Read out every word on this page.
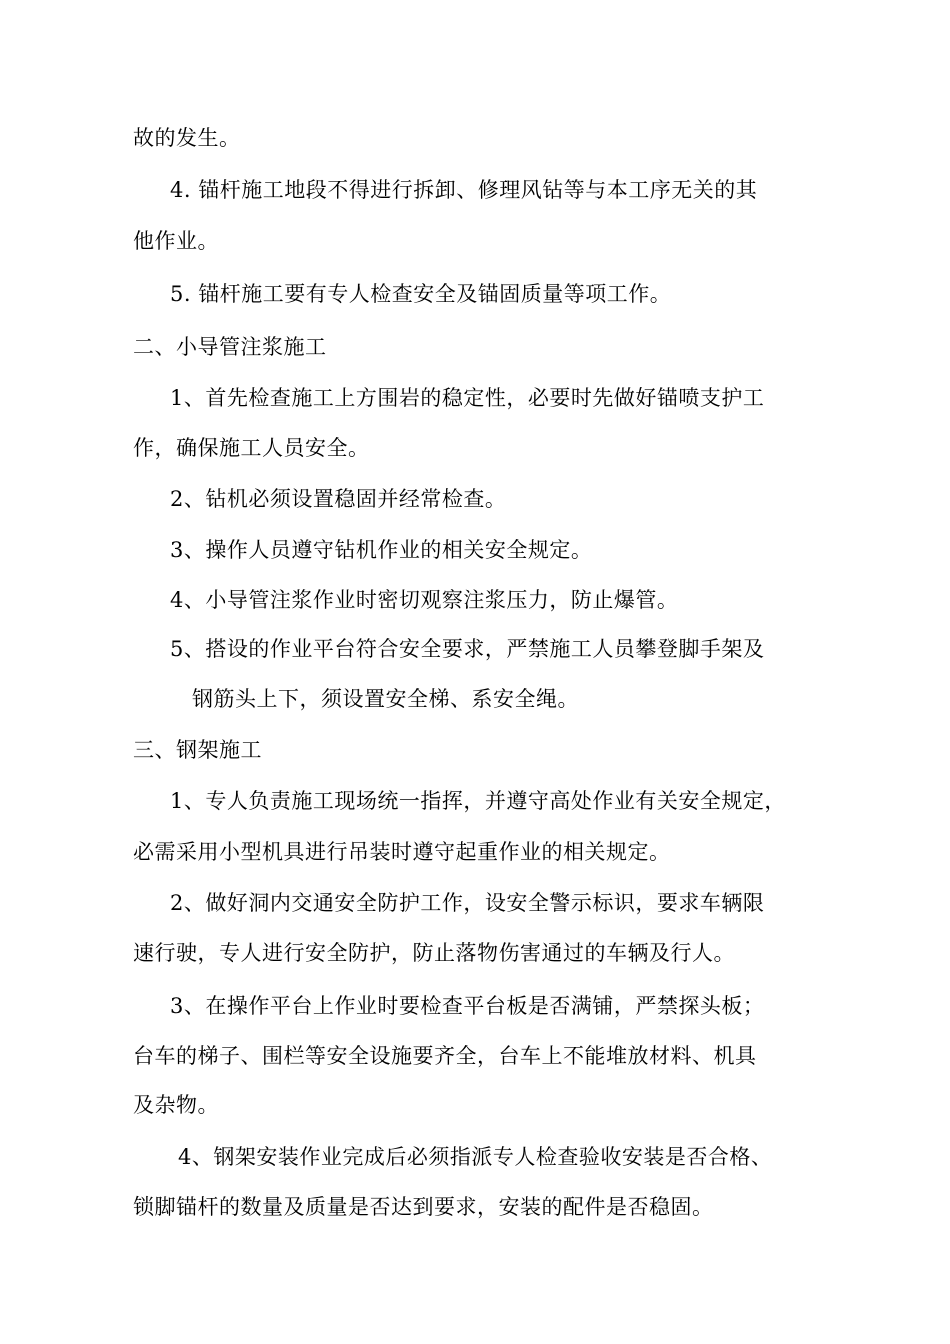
故的发生。
4. 锚杆施工地段不得进行拆卸、修理风钻等与本工序无关的其
他作业。
5. 锚杆施工要有专人检查安全及锚固质量等项工作。
二、小导管注浆施工
1、首先检查施工上方围岩的稳定性，必要时先做好锚喷支护工
作，确保施工人员安全。
2、钻机必须设置稳固并经常检查。
3、操作人员遵守钻机作业的相关安全规定。
4、小导管注浆作业时密切观察注浆压力，防止爆管。
5、搭设的作业平台符合安全要求，严禁施工人员攀登脚手架及
钢筋头上下，须设置安全梯、系安全绳。
三、钢架施工
1、专人负责施工现场统一指挥，并遵守高处作业有关安全规定，
必需采用小型机具进行吊装时遵守起重作业的相关规定。
2、做好洞内交通安全防护工作，设安全警示标识，要求车辆限
速行驶，专人进行安全防护，防止落物伤害通过的车辆及行人。
3、在操作平台上作业时要检查平台板是否满铺，严禁探头板；
台车的梯子、围栏等安全设施要齐全，台车上不能堆放材料、机具
及杂物。
4、钢架安装作业完成后必须指派专人检查验收安装是否合格、
锁脚锚杆的数量及质量是否达到要求，安装的配件是否稳固。
